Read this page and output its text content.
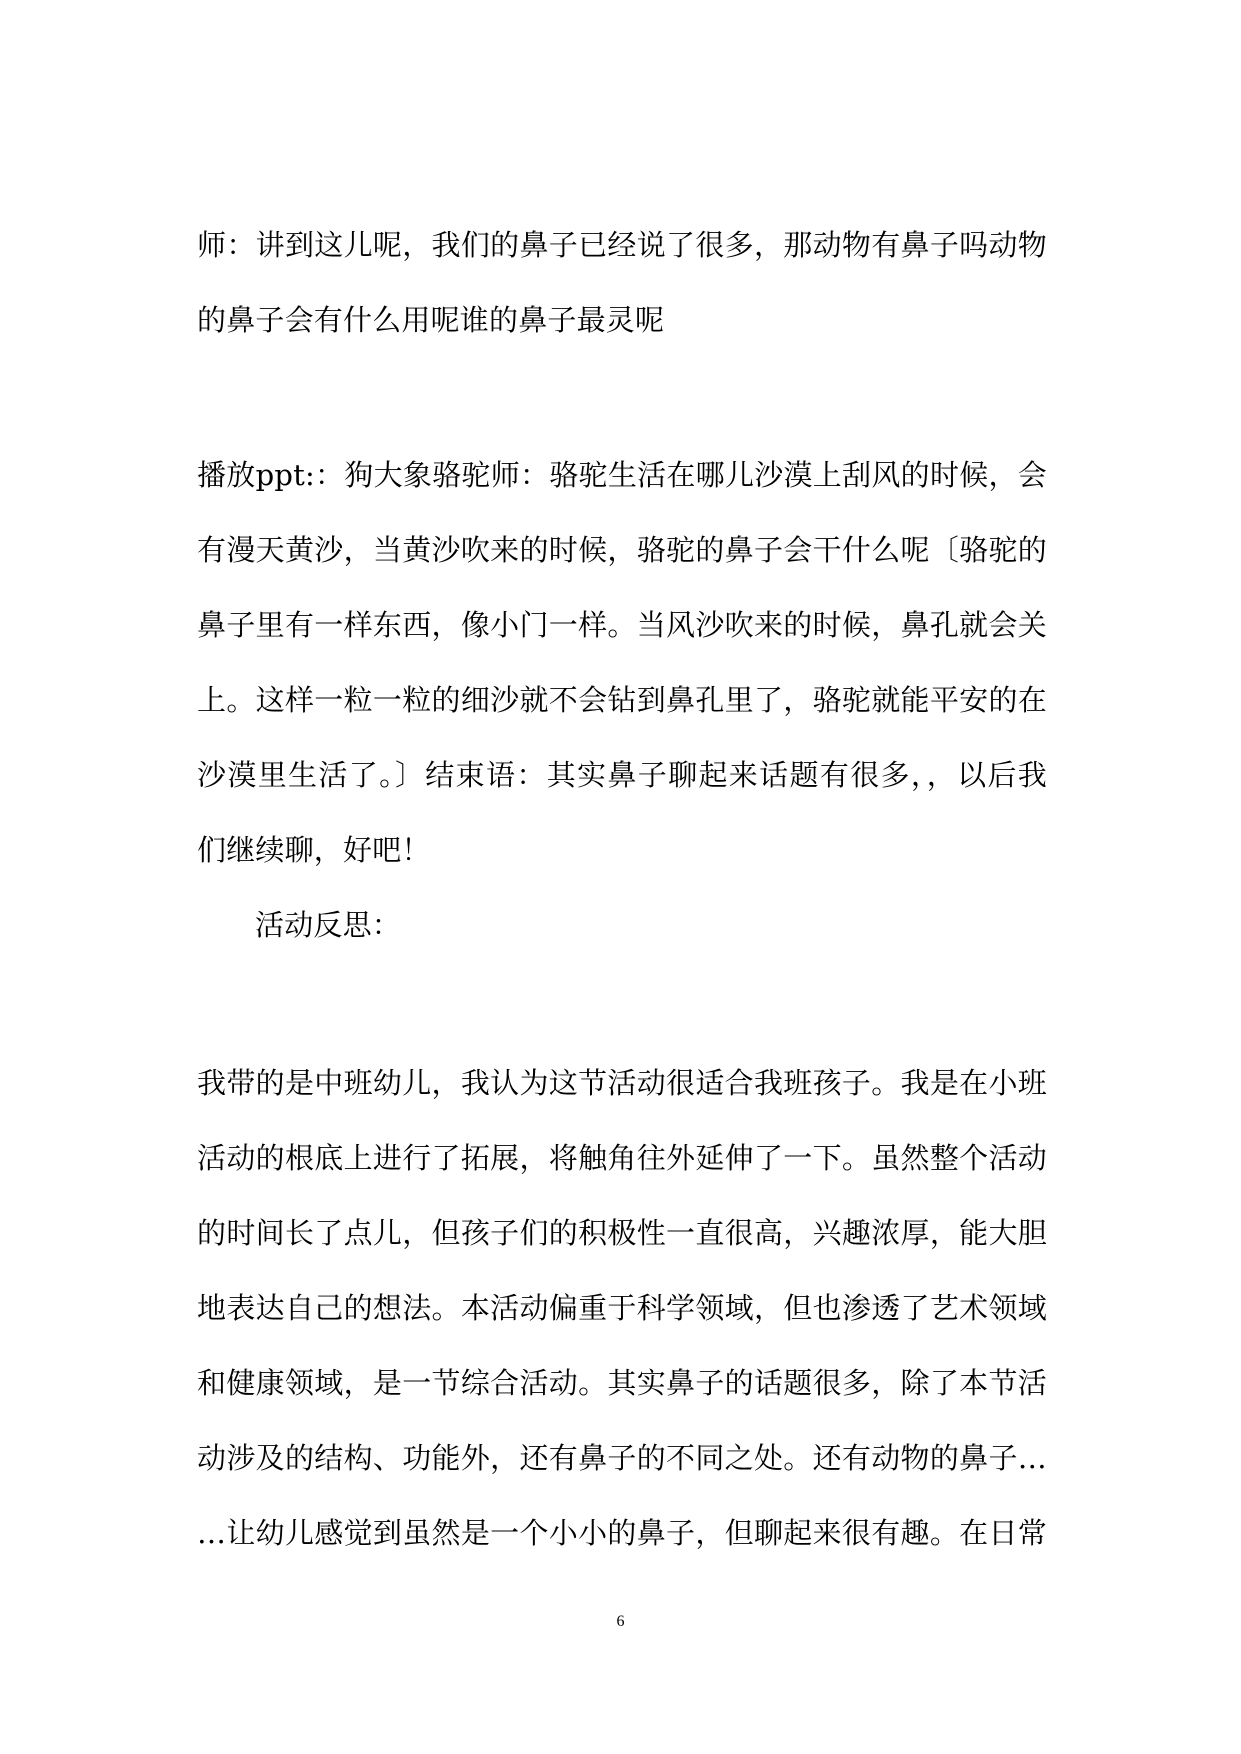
师：讲到这儿呢，我们的鼻子已经说了很多，那动物有鼻子吗动物
的鼻子会有什么用呢谁的鼻子最灵呢
播放ppt:：狗大象骆驼师：骆驼生活在哪儿沙漠上刮风的时候，会
有漫天黄沙，当黄沙吹来的时候，骆驼的鼻子会干什么呢〔骆驼的
鼻子里有一样东西，像小门一样。当风沙吹来的时候，鼻孔就会关
上。这样一粒一粒的细沙就不会钻到鼻孔里了，骆驼就能平安的在
沙漠里生活了。〕结束语：其实鼻子聊起来话题有很多，，以后我
们继续聊，好吧！
活动反思：
我带的是中班幼儿，我认为这节活动很适合我班孩子。我是在小班
活动的根底上进行了拓展，将触角往外延伸了一下。虽然整个活动
的时间长了点儿，但孩子们的积极性一直很高，兴趣浓厚，能大胆
地表达自己的想法。本活动偏重于科学领域，但也渗透了艺术领域
和健康领域，是一节综合活动。其实鼻子的话题很多，除了本节活
动涉及的结构、功能外，还有鼻子的不同之处。还有动物的鼻子…
…让幼儿感觉到虽然是一个小小的鼻子，但聊起来很有趣。在日常
6
